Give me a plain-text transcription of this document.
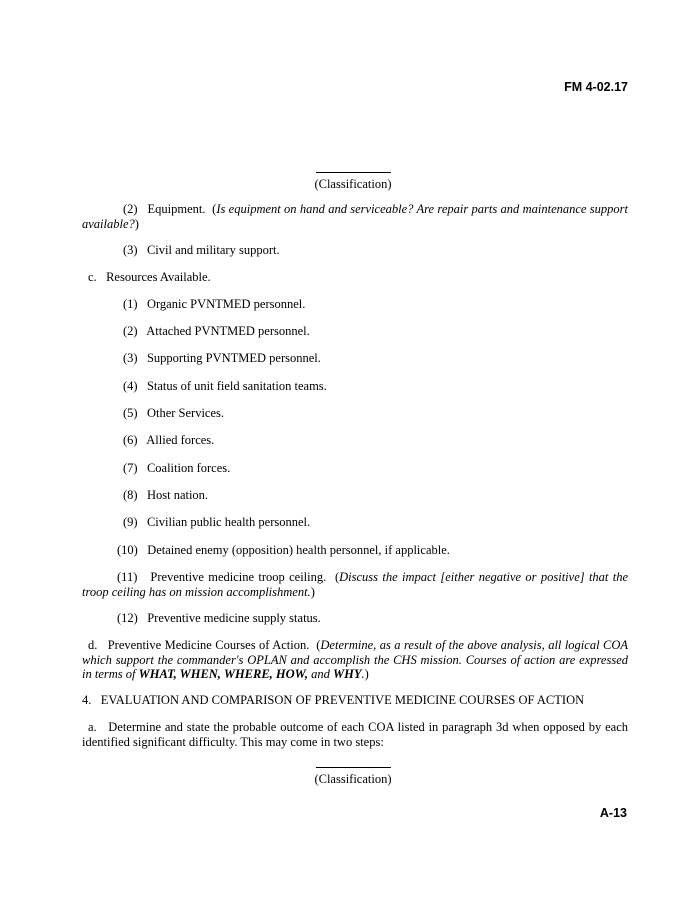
FM 4-02.17
(Classification)

(2) Equipment.  (Is equipment on hand and serviceable? Are repair parts and maintenance support available?)

(3) Civil and military support.

c. Resources Available.

(1) Organic PVNTMED personnel.

(2) Attached PVNTMED personnel.

(3) Supporting PVNTMED personnel.

(4) Status of unit field sanitation teams.

(5) Other Services.

(6) Allied forces.

(7) Coalition forces.

(8) Host nation.

(9) Civilian public health personnel.

(10) Detained enemy (opposition) health personnel, if applicable.

(11) Preventive medicine troop ceiling.  (Discuss the impact [either negative or positive] that the troop ceiling has on mission accomplishment.)

(12) Preventive medicine supply status.

d. Preventive Medicine Courses of Action.  (Determine, as a result of the above analysis, all logical COA which support the commander's OPLAN and accomplish the CHS mission. Courses of action are expressed in terms of WHAT, WHEN, WHERE, HOW, and WHY.)

4. EVALUATION AND COMPARISON OF PREVENTIVE MEDICINE COURSES OF ACTION

a. Determine and state the probable outcome of each COA listed in paragraph 3d when opposed by each identified significant difficulty. This may come in two steps:

(Classification)
A-13
